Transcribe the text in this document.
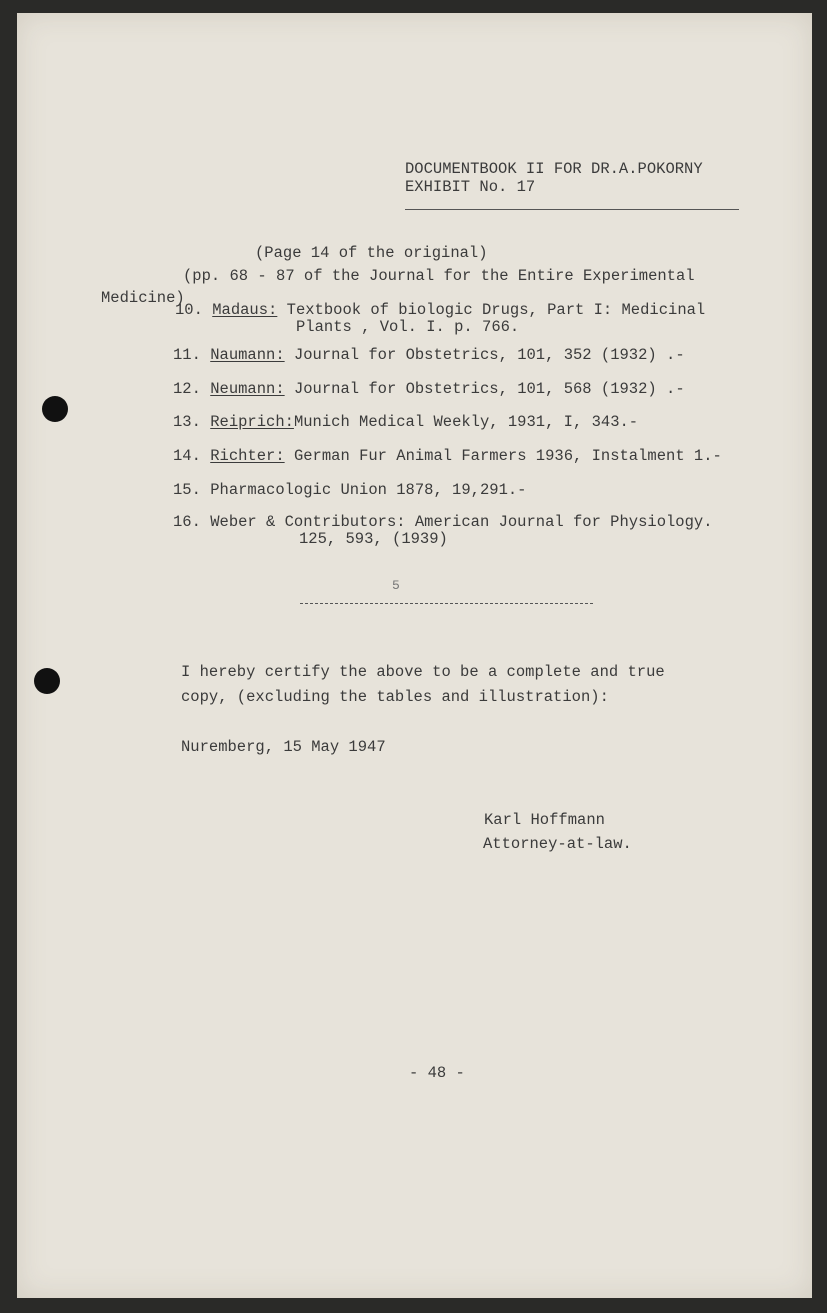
DOCUMENTBOOK II FOR DR.A.POKORNY
EXHIBIT No. 17
(Page 14 of the original)
(pp. 68 - 87 of the Journal for the Entire Experimental
Medicine)
10. Madaus: Textbook of biologic Drugs, Part I: Medicinal
Plants , Vol. I. p. 766.
11. Naumann: Journal for Obstetrics, 101, 352 (1932) .-
12. Neumann: Journal for Obstetrics, 101, 568 (1932) .-
13. Reiprich:Munich Medical Weekly, 1931, I, 343.-
14. Richter: German Fur Animal Farmers 1936, Instalment 1.-
15. Pharmacologic Union 1878, 19,291.-
16. Weber & Contributors: American Journal for Physiology.
125, 593, (1939)
5
I hereby certify the above to be a complete and true
copy, (excluding the tables and illustration):
Nuremberg, 15 May 1947
Karl Hoffmann
Attorney-at-law.
- 48 -
